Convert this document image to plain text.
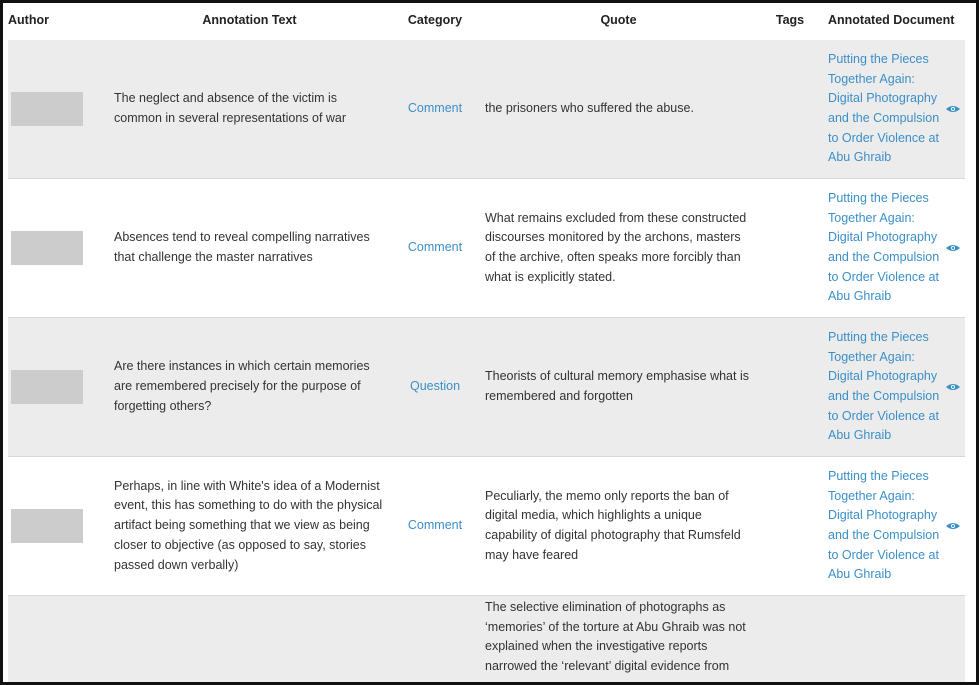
Author	Annotation Text	Category	Quote	Tags	Annotated Document

	The neglect and absence of the victim is common in several representations of war	Comment	the prisoners who suffered the abuse.		Putting the Pieces Together Again: Digital Photography and the Compulsion to Order Violence at Abu Ghraib

	Absences tend to reveal compelling narratives that challenge the master narratives	Comment	What remains excluded from these constructed discourses monitored by the archons, masters of the archive, often speaks more forcibly than what is explicitly stated.		Putting the Pieces Together Again: Digital Photography and the Compulsion to Order Violence at Abu Ghraib

	Are there instances in which certain memories are remembered precisely for the purpose of forgetting others?	Question	Theorists of cultural memory emphasise what is remembered and forgotten		Putting the Pieces Together Again: Digital Photography and the Compulsion to Order Violence at Abu Ghraib

	Perhaps, in line with White's idea of a Modernist event, this has something to do with the physical artifact being something that we view as being closer to objective (as opposed to say, stories passed down verbally)	Comment	Peculiarly, the memo only reports the ban of digital media, which highlights a unique capability of digital photography that Rumsfeld may have feared		Putting the Pieces Together Again: Digital Photography and the Compulsion to Order Violence at Abu Ghraib

			The selective elimination of photographs as ‘memories’ of the torture at Abu Ghraib was not explained when the investigative reports narrowed the ‘relevant’ digital evidence from		
